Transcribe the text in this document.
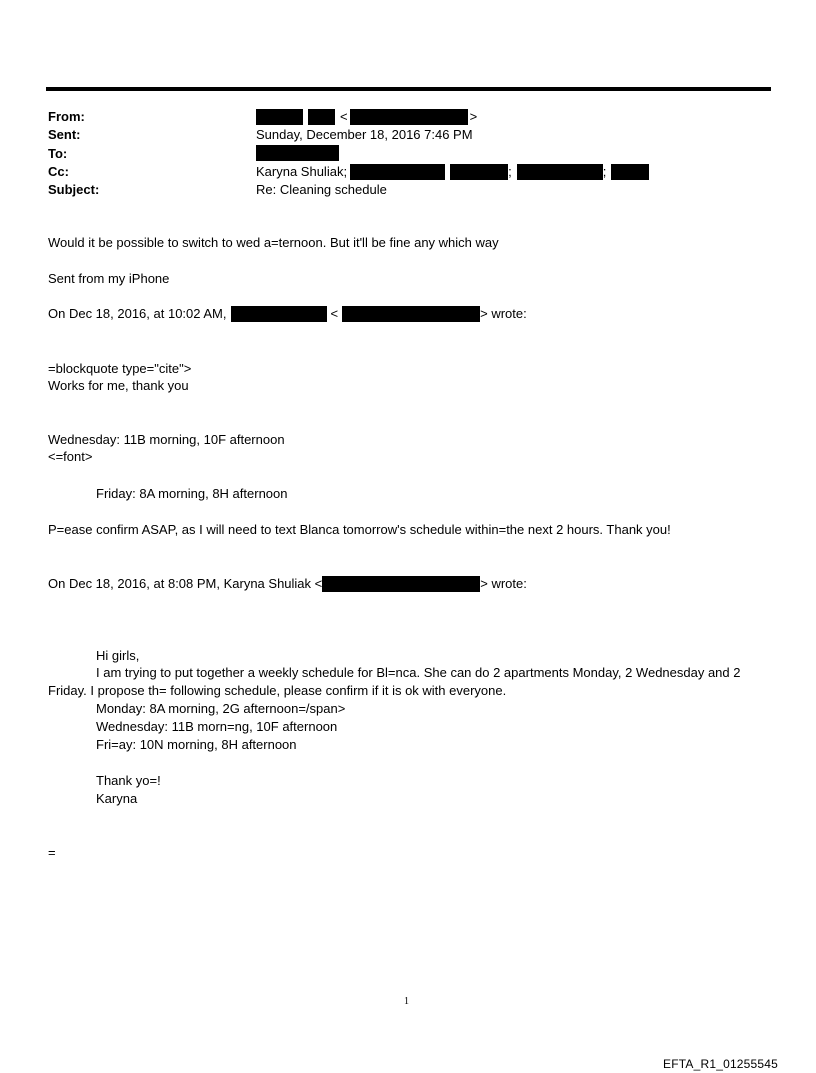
From:	<	>
Sent:	Sunday, December 18, 2016 7:46 PM
To:
Cc:	Karyna Shuliak;	;	;
Subject:	Re: Cleaning schedule
Would it be possible to switch to wed a=ternoon. But it'll be fine any which way
Sent from my iPhone
On Dec 18, 2016, at 10:02 AM,	<	> wrote:
=blockquote type="cite">
Works for me, thank you
Wednesday: 11B morning, 10F afternoon
<=font>
Friday: 8A morning, 8H afternoon
P=ease confirm ASAP, as I will need to text Blanca tomorrow's schedule within=the next 2 hours. Thank you!
On Dec 18, 2016, at 8:08 PM, Karyna Shuliak <	> wrote:
Hi girls,
I am trying to put together a weekly schedule for Bl=nca. She can do 2 apartments Monday, 2 Wednesday and 2
Friday. I propose th= following schedule, please confirm if it is ok with everyone.
Monday: 8A morning, 2G afternoon=/span>
Wednesday: 11B morn=ng, 10F afternoon
Fri=ay: 10N morning, 8H afternoon
Thank yo=!
Karyna
=
1
EFTA_R1_01255545
